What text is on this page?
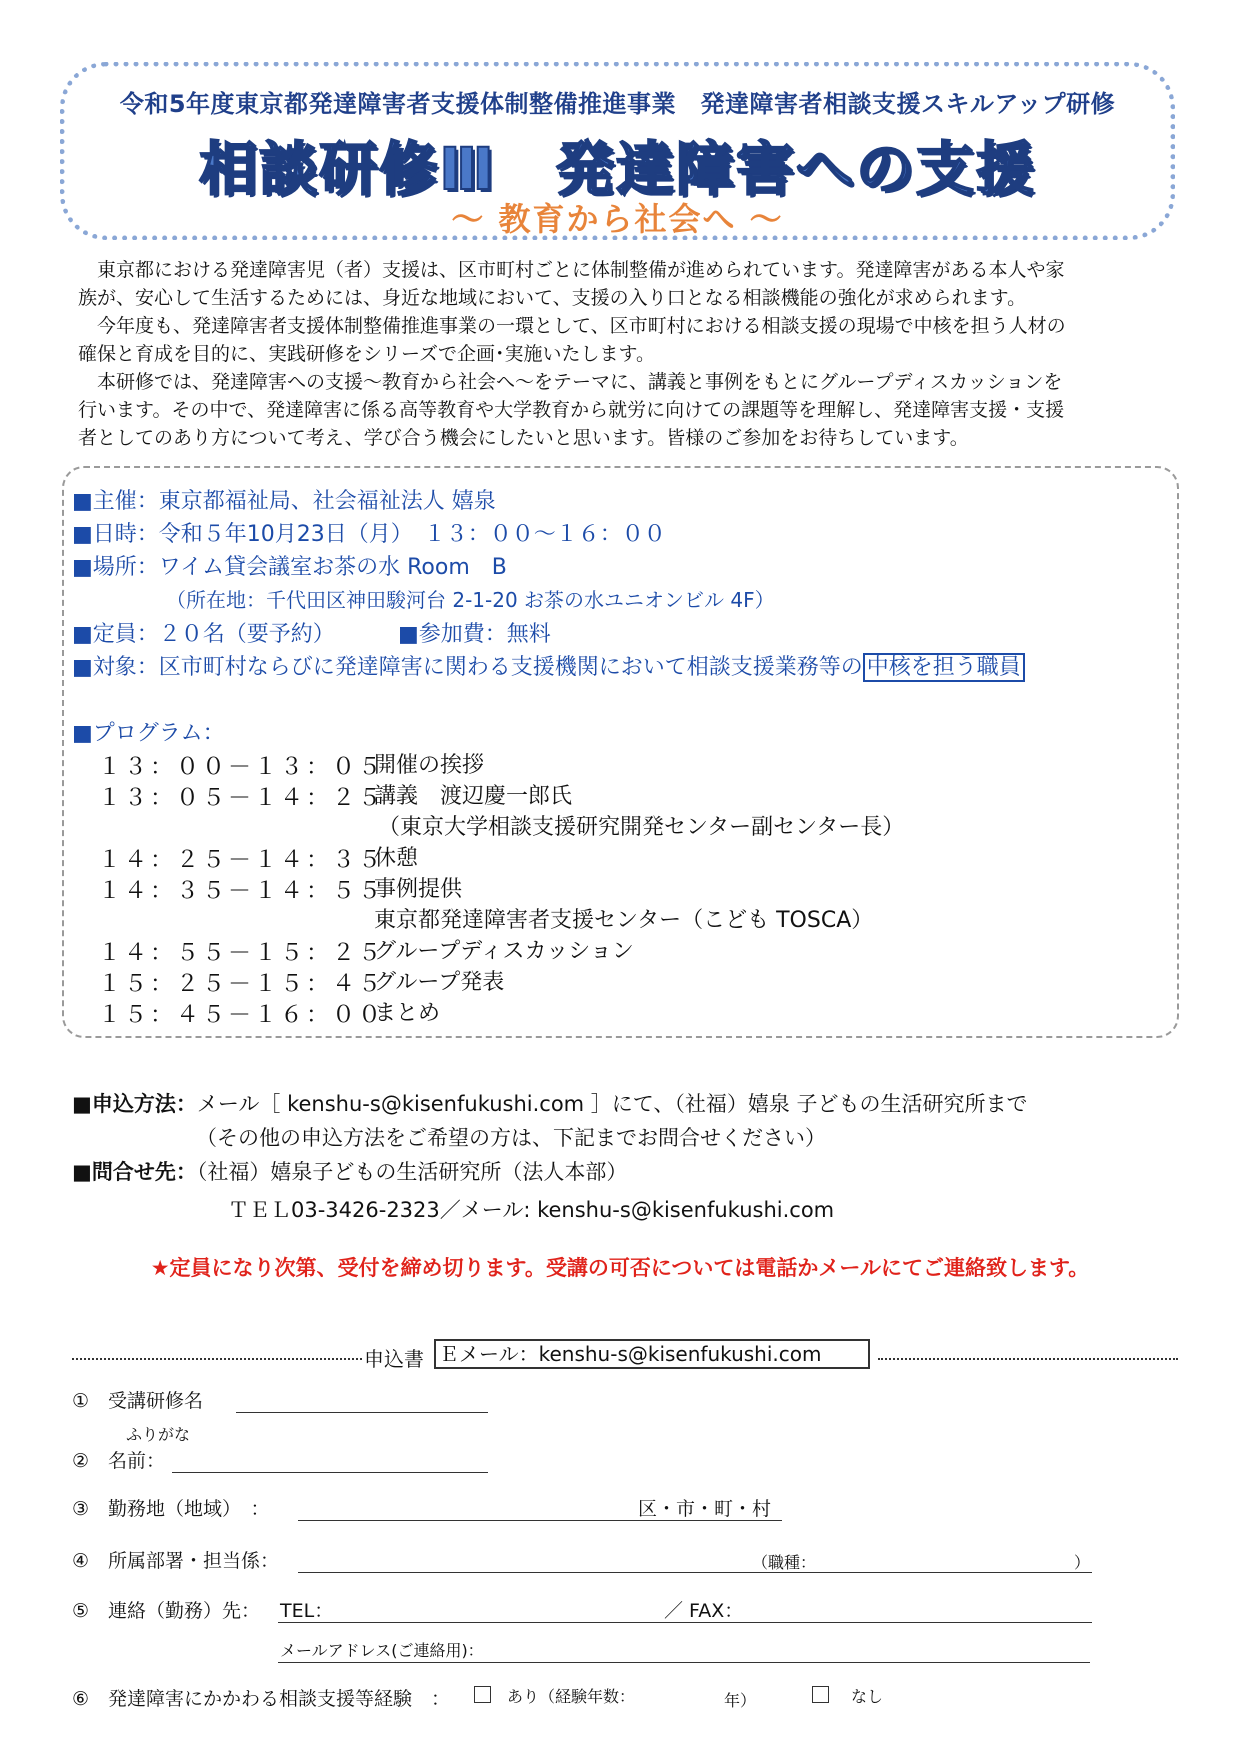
令和5年度東京都発達障害者支援体制整備推進事業　発達障害者相談支援スキルアップ研修
相談研修Ⅲ　発達障害への支援
～ 教育から社会へ ～
　東京都における発達障害児（者）支援は、区市町村ごとに体制整備が進められています。発達障害がある本人や家
族が、安心して生活するためには、身近な地域において、支援の入り口となる相談機能の強化が求められます。
　今年度も、発達障害者支援体制整備推進事業の一環として、区市町村における相談支援の現場で中核を担う人材の
確保と育成を目的に、実践研修をシリーズで企画･実施いたします。
　本研修では、発達障害への支援～教育から社会へ～をテーマに、講義と事例をもとにグループディスカッションを
行います。その中で、発達障害に係る高等教育や大学教育から就労に向けての課題等を理解し、発達障害支援・支援
者としてのあり方について考え、学び合う機会にしたいと思います。皆様のご参加をお待ちしています。
■主催：東京都福祉局、社会福祉法人 嬉泉
■日時：令和５年10月23日（月）　１３：００～１６：００
■場所：ワイム貸会議室お茶の水 Room　B
（所在地：千代田区神田駿河台 2-1-20 お茶の水ユニオンビル 4F）
■定員：２０名（要予約）	■参加費：無料
■対象：区市町村ならびに発達障害に関わる支援機関において相談支援業務等の 中核を担う職員
■プログラム：
１３：００－１３：０５
開催の挨拶
１３：０５－１４：２５
講義　渡辺慶一郎氏
（東京大学相談支援研究開発センター副センター長）
１４：２５－１４：３５
休憩
１４：３５－１４：５５
事例提供
東京都発達障害者支援センター（こども TOSCA）
１４：５５－１５：２５
グループディスカッション
１５：２５－１５：４５
グループ発表
１５：４５－１６：００
まとめ
■申込方法：メール［ kenshu-s@kisenfukushi.com ］にて、（社福）嬉泉 子どもの生活研究所まで
（その他の申込方法をご希望の方は、下記までお問合せください）
■問合せ先：（社福）嬉泉子どもの生活研究所（法人本部）
ＴＥＬ03-3426-2323／メール: kenshu-s@kisenfukushi.com
★定員になり次第、受付を締め切ります。受講の可否については電話かメールにてご連絡致します。
申込書 Ｅメール：kenshu-s@kisenfukushi.com
①　受講研修名
ふりがな
②　名前：
③　勤務地（地域）　：	区・市・町・村
④　所属部署・担当係：	（職種：	）
⑤　連絡（勤務）先： TEL：	／ FAX：
メールアドレス(ご連絡用)：
⑥　発達障害にかかわる相談支援等経験　：	あり（経験年数：	年）	なし
